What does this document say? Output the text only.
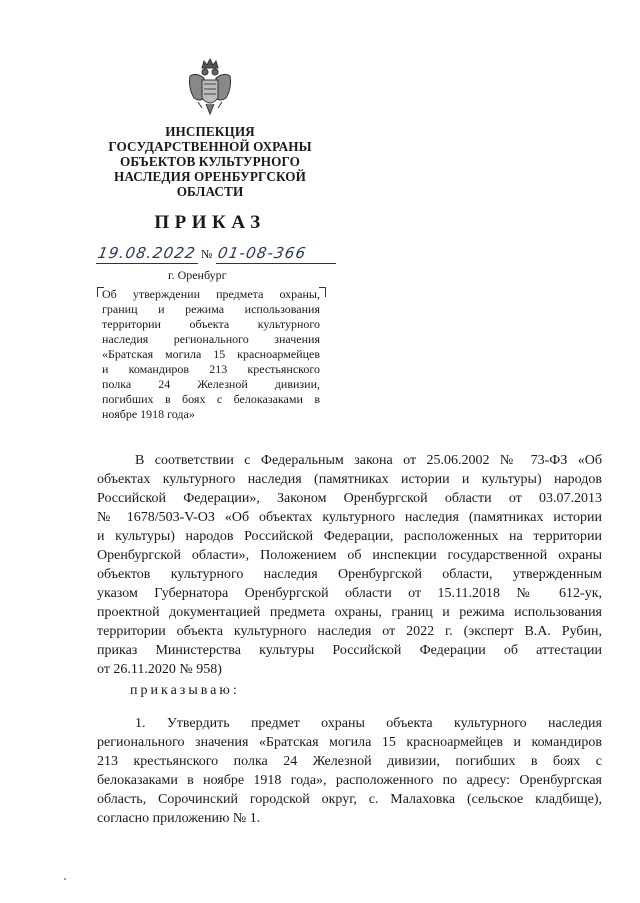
ИНСПЕКЦИЯ
ГОСУДАРСТВЕННОЙ ОХРАНЫ
ОБЪЕКТОВ КУЛЬТУРНОГО
НАСЛЕДИЯ ОРЕНБУРГСКОЙ
ОБЛАСТИ
ПРИКАЗ
19.08.2022 № 01-08-366
г. Оренбург
Об утверждении предмета охраны,
границ и режима использования
территории объекта культурного
наследия регионального значения
«Братская могила 15 красноармейцев
и командиров 213 крестьянского
полка 24 Железной дивизии,
погибших в боях с белоказаками в
ноябре 1918 года»
В соответствии с Федеральным закона от 25.06.2002 № 73-ФЗ «Об
объектах культурного наследия (памятниках истории и культуры) народов
Российской Федерации», Законом Оренбургской области от 03.07.2013
№ 1678/503-V-ОЗ «Об объектах культурного наследия (памятниках истории
и культуры) народов Российской Федерации, расположенных на территории
Оренбургской области», Положением об инспекции государственной охраны
объектов культурного наследия Оренбургской области, утвержденным
указом Губернатора Оренбургской области от 15.11.2018 № 612-ук,
проектной документацией предмета охраны, границ и режима использования
территории объекта культурного наследия от 2022 г. (эксперт В.А. Рубин,
приказ Министерства культуры Российской Федерации об аттестации
от 26.11.2020 № 958)
приказываю:
1. Утвердить предмет охраны объекта культурного наследия
регионального значения «Братская могила 15 красноармейцев и командиров
213 крестьянского полка 24 Железной дивизии, погибших в боях с
белоказаками в ноябре 1918 года», расположенного по адресу: Оренбургская
область, Сорочинский городской округ, с. Малаховка (сельское кладбище),
согласно приложению № 1.
